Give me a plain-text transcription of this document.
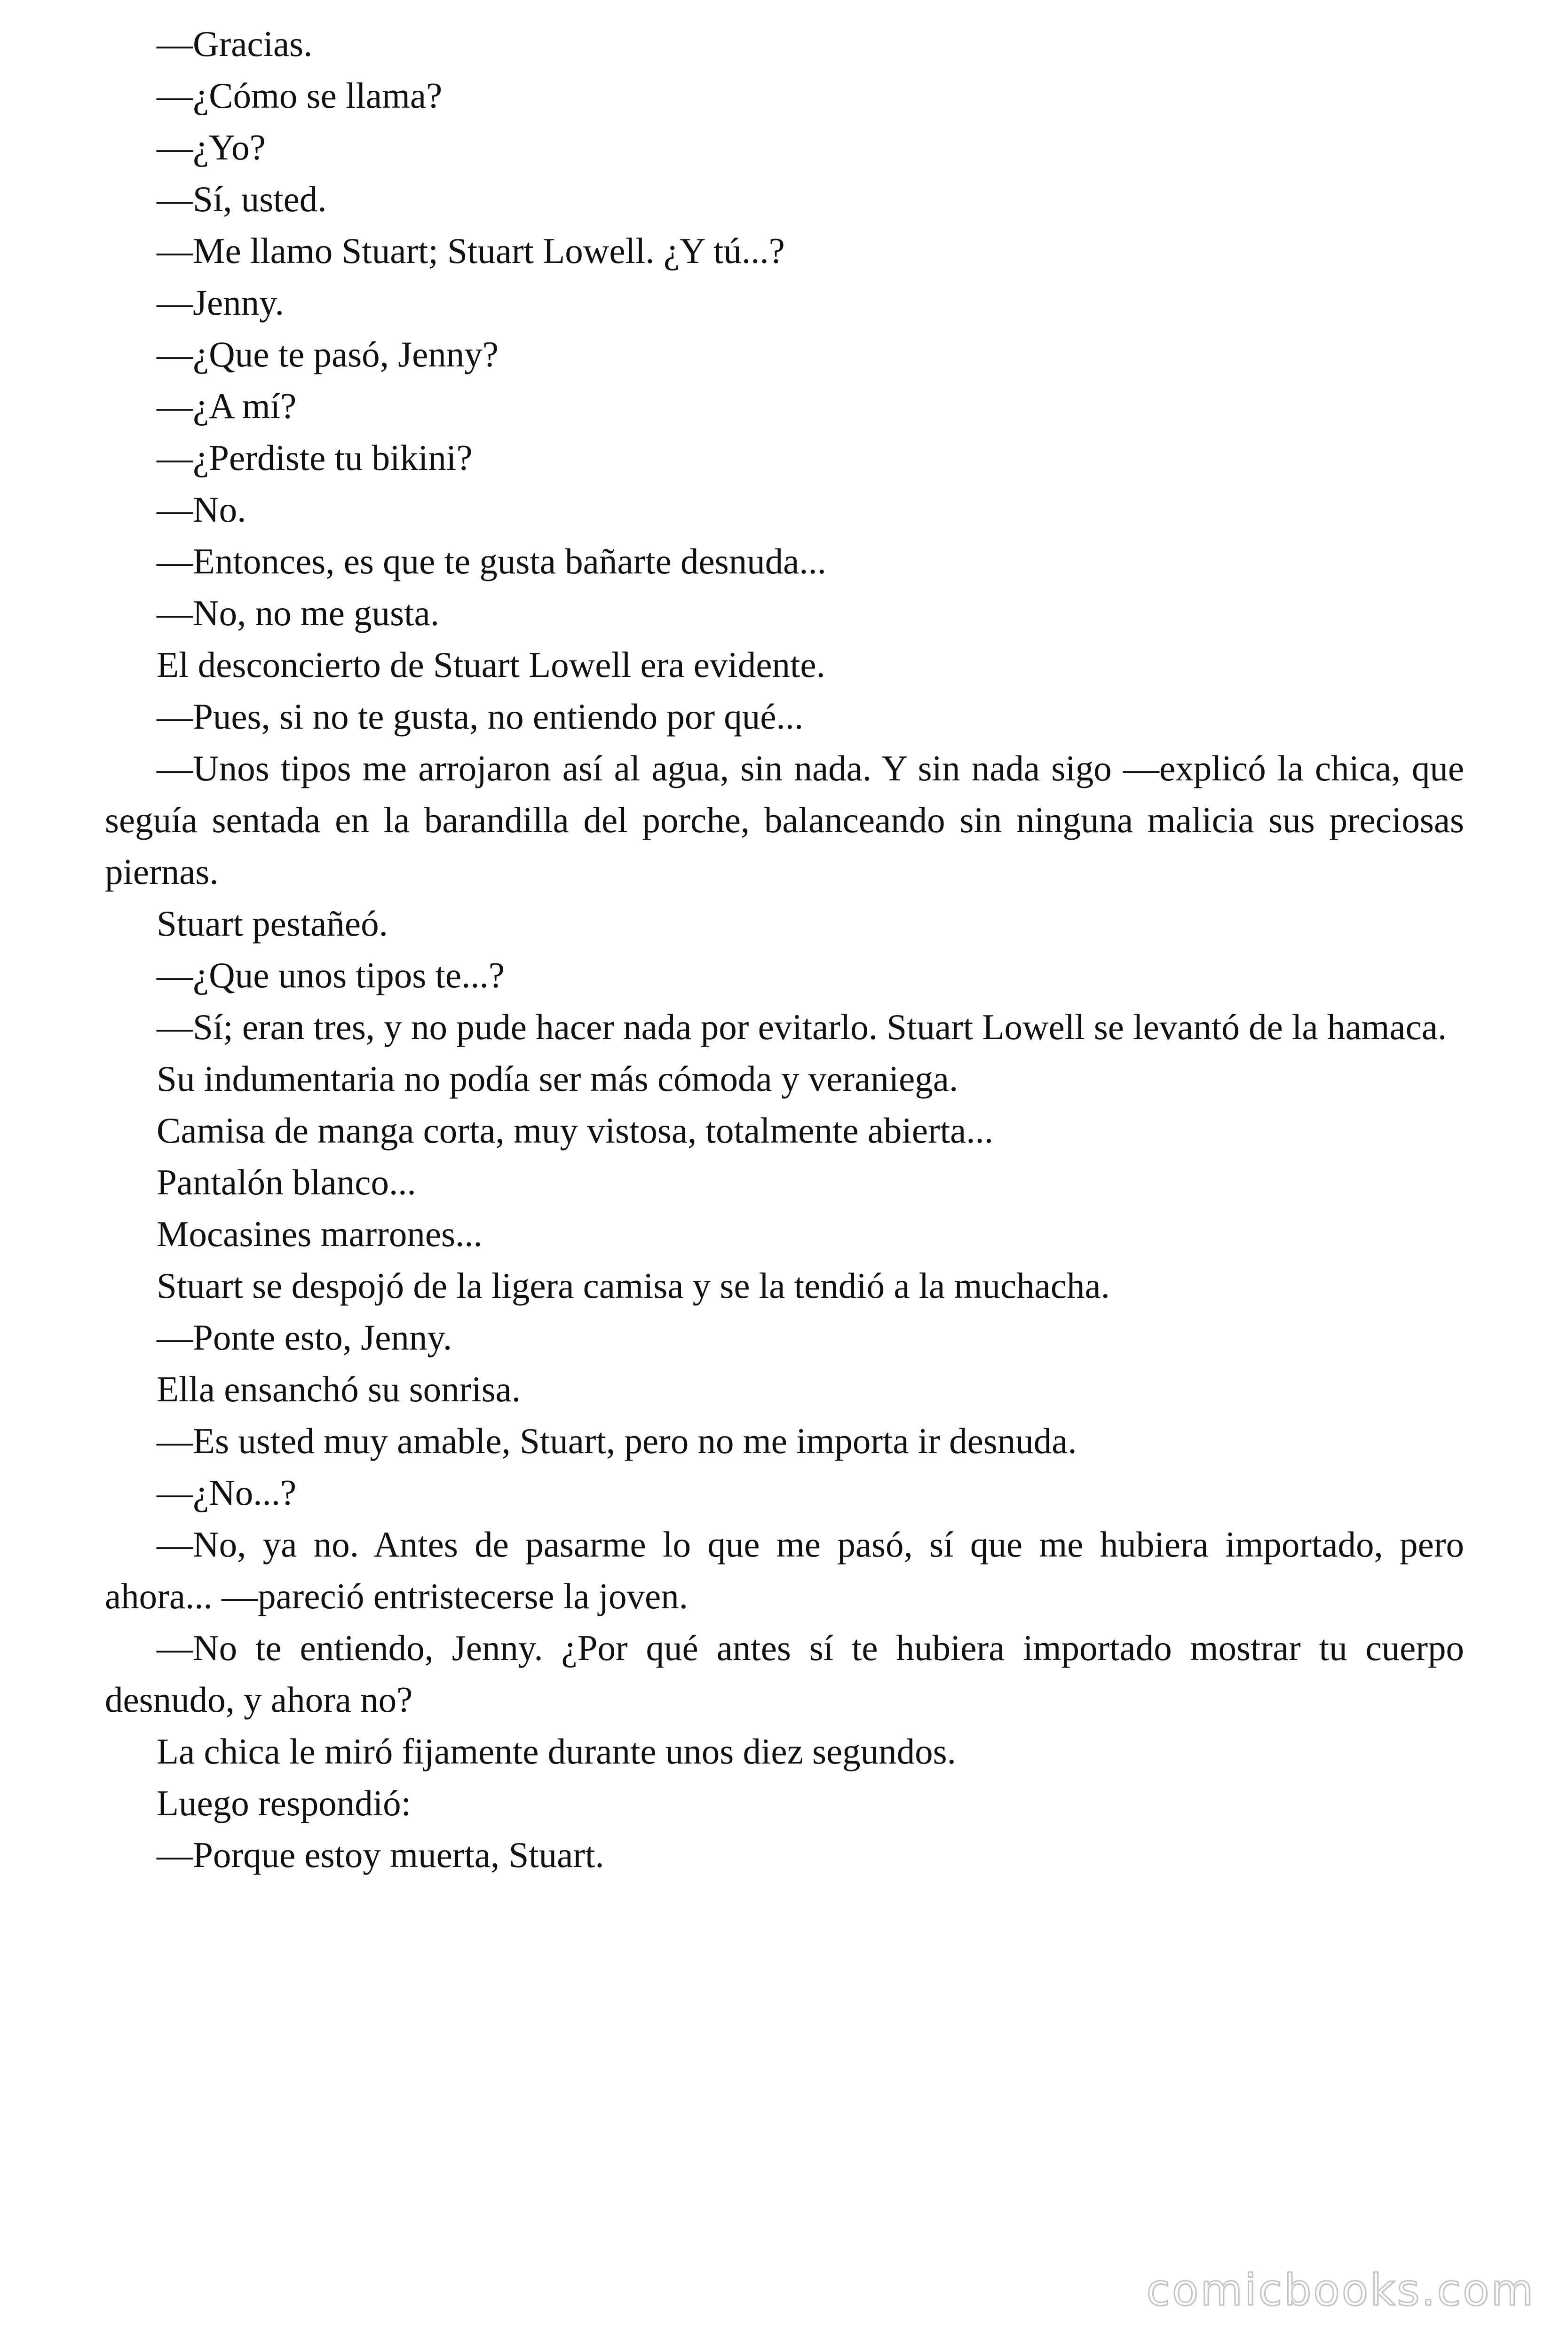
—Gracias.

—¿Cómo se llama?

—¿Yo?

—Sí, usted.

—Me llamo Stuart; Stuart Lowell. ¿Y tú...?

—Jenny.

—¿Que te pasó, Jenny?

—¿A mí?

—¿Perdiste tu bikini?

—No.

—Entonces, es que te gusta bañarte desnuda...

—No, no me gusta.

El desconcierto de Stuart Lowell era evidente.

—Pues, si no te gusta, no entiendo por qué...

—Unos tipos me arrojaron así al agua, sin nada. Y sin nada sigo —explicó la chica, que seguía sentada en la barandilla del porche, balanceando sin ninguna malicia sus preciosas piernas.

Stuart pestañeó.

—¿Que unos tipos te...?

—Sí; eran tres, y no pude hacer nada por evitarlo. Stuart Lowell se levantó de la hamaca.

Su indumentaria no podía ser más cómoda y veraniega.

Camisa de manga corta, muy vistosa, totalmente abierta...

Pantalón blanco...

Mocasines marrones...

Stuart se despojó de la ligera camisa y se la tendió a la muchacha.

—Ponte esto, Jenny.

Ella ensanchó su sonrisa.

—Es usted muy amable, Stuart, pero no me importa ir desnuda.

—¿No...?

—No, ya no. Antes de pasarme lo que me pasó, sí que me hubiera importado, pero ahora... —pareció entristecerse la joven.

—No te entiendo, Jenny. ¿Por qué antes sí te hubiera importado mostrar tu cuerpo desnudo, y ahora no?

La chica le miró fijamente durante unos diez segundos.

Luego respondió:

—Porque estoy muerta, Stuart.

comicbooks.com
